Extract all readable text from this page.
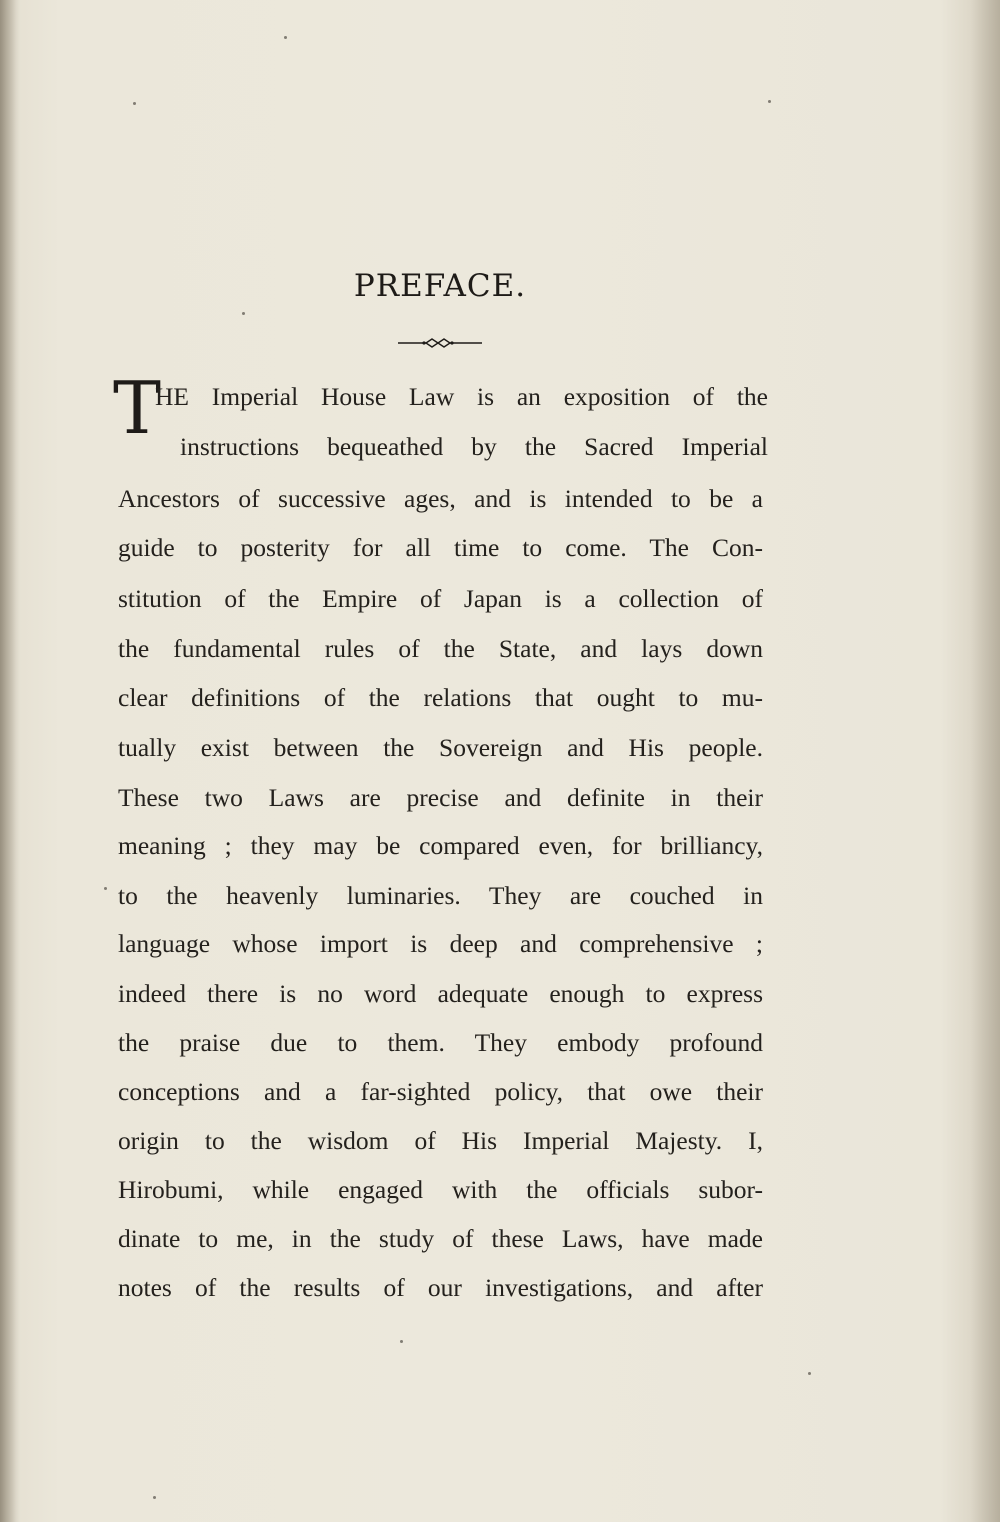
PREFACE.
T
HE Imperial House Law is an exposition of the
instructions bequeathed by the Sacred Imperial
Ancestors of successive ages, and is intended to be a
guide to posterity for all time to come. The Con-
stitution of the Empire of Japan is a collection of
the fundamental rules of the State, and lays down
clear definitions of the relations that ought to mu-
tually exist between the Sovereign and His people.
These two Laws are precise and definite in their
meaning ; they may be compared even, for brilliancy,
to the heavenly luminaries. They are couched in
language whose import is deep and comprehensive ;
indeed there is no word adequate enough to express
the praise due to them. They embody profound
conceptions and a far-sighted policy, that owe their
origin to the wisdom of His Imperial Majesty. I,
Hirobumi, while engaged with the officials subor-
dinate to me, in the study of these Laws, have made
notes of the results of our investigations, and after
